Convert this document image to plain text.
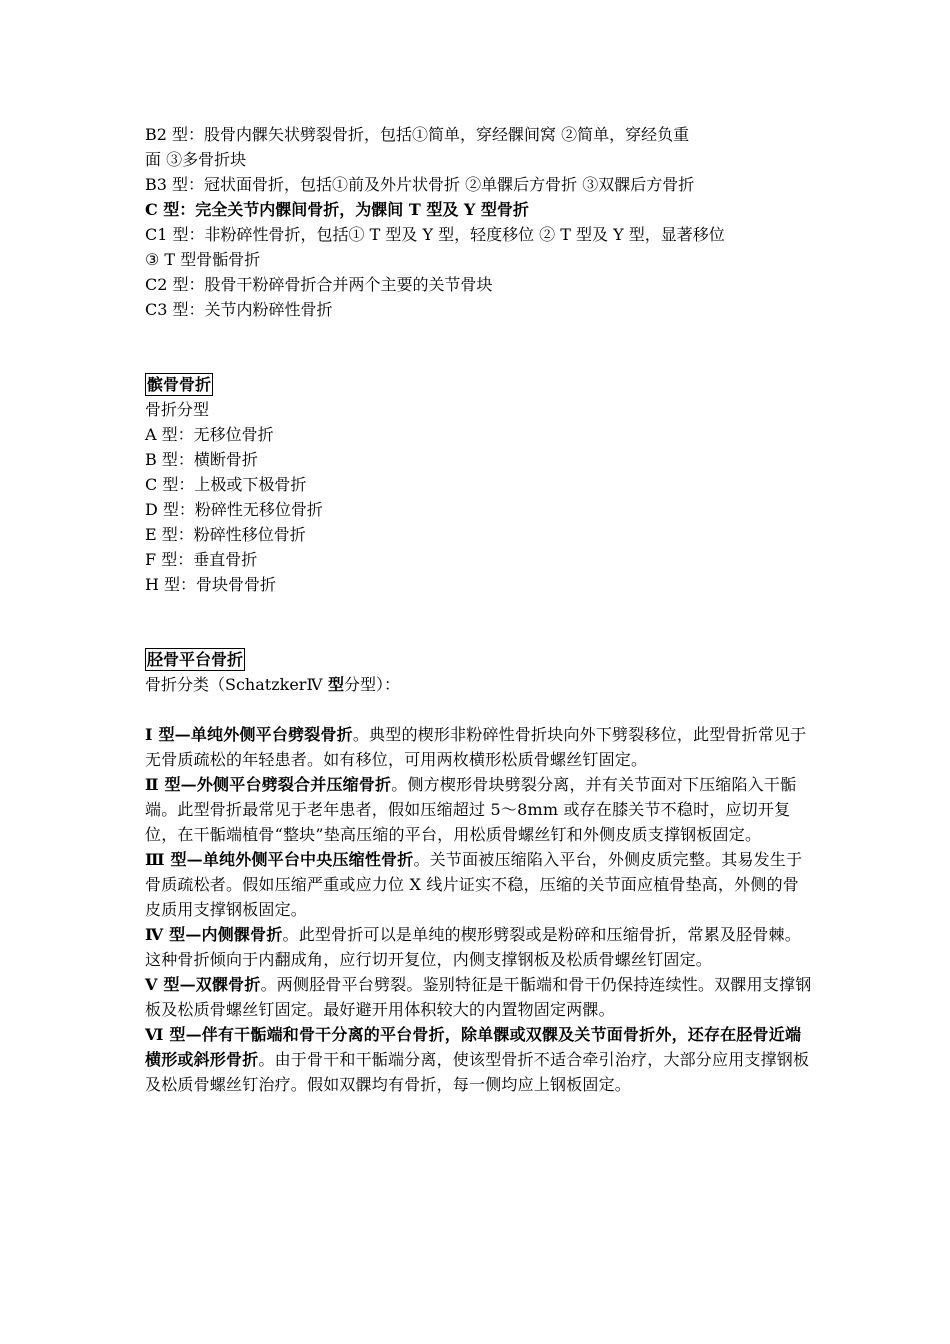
B2 型：股骨内髁矢状劈裂骨折，包括①简单，穿经髁间窝 ②简单，穿经负重
面 ③多骨折块
B3 型：冠状面骨折，包括①前及外片状骨折 ②单髁后方骨折 ③双髁后方骨折
C 型：完全关节内髁间骨折，为髁间 T 型及 Y 型骨折
C1 型：非粉碎性骨折，包括① T 型及 Y 型，轻度移位 ② T 型及 Y 型，显著移位
③ T 型骨骺骨折
C2 型：股骨干粉碎骨折合并两个主要的关节骨块
C3 型：关节内粉碎性骨折
髌骨骨折
骨折分型
A 型：无移位骨折
B 型：横断骨折
C 型：上极或下极骨折
D 型：粉碎性无移位骨折
E 型：粉碎性移位骨折
F 型：垂直骨折
H 型：骨块骨骨折
胫骨平台骨折
骨折分类（SchatzkerⅣ 型分型）：
Ⅰ 型—单纯外侧平台劈裂骨折。典型的楔形非粉碎性骨折块向外下劈裂移位，此型骨折常见于无骨质疏松的年轻患者。如有移位，可用两枚横形松质骨螺丝钉固定。
Ⅱ 型—外侧平台劈裂合并压缩骨折。侧方楔形骨块劈裂分离，并有关节面对下压缩陷入干骺端。此型骨折最常见于老年患者，假如压缩超过 5～8mm 或存在膝关节不稳时，应切开复位，在干骺端植骨“整块”垫高压缩的平台，用松质骨螺丝钉和外侧皮质支撑钢板固定。
Ⅲ 型—单纯外侧平台中央压缩性骨折。关节面被压缩陷入平台，外侧皮质完整。其易发生于骨质疏松者。假如压缩严重或应力位 X 线片证实不稳，压缩的关节面应植骨垫高，外侧的骨皮质用支撑钢板固定。
Ⅳ 型—内侧髁骨折。此型骨折可以是单纯的楔形劈裂或是粉碎和压缩骨折，常累及胫骨棘。这种骨折倾向于内翻成角，应行切开复位，内侧支撑钢板及松质骨螺丝钉固定。
Ⅴ 型—双髁骨折。两侧胫骨平台劈裂。鉴别特征是干骺端和骨干仍保持连续性。双髁用支撑钢板及松质骨螺丝钉固定。最好避开用体积较大的内置物固定两髁。
Ⅵ 型—伴有干骺端和骨干分离的平台骨折，除单髁或双髁及关节面骨折外，还存在胫骨近端横形或斜形骨折。由于骨干和干骺端分离，使该型骨折不适合牵引治疗，大部分应用支撑钢板及松质骨螺丝钉治疗。假如双髁均有骨折，每一侧均应上钢板固定。
